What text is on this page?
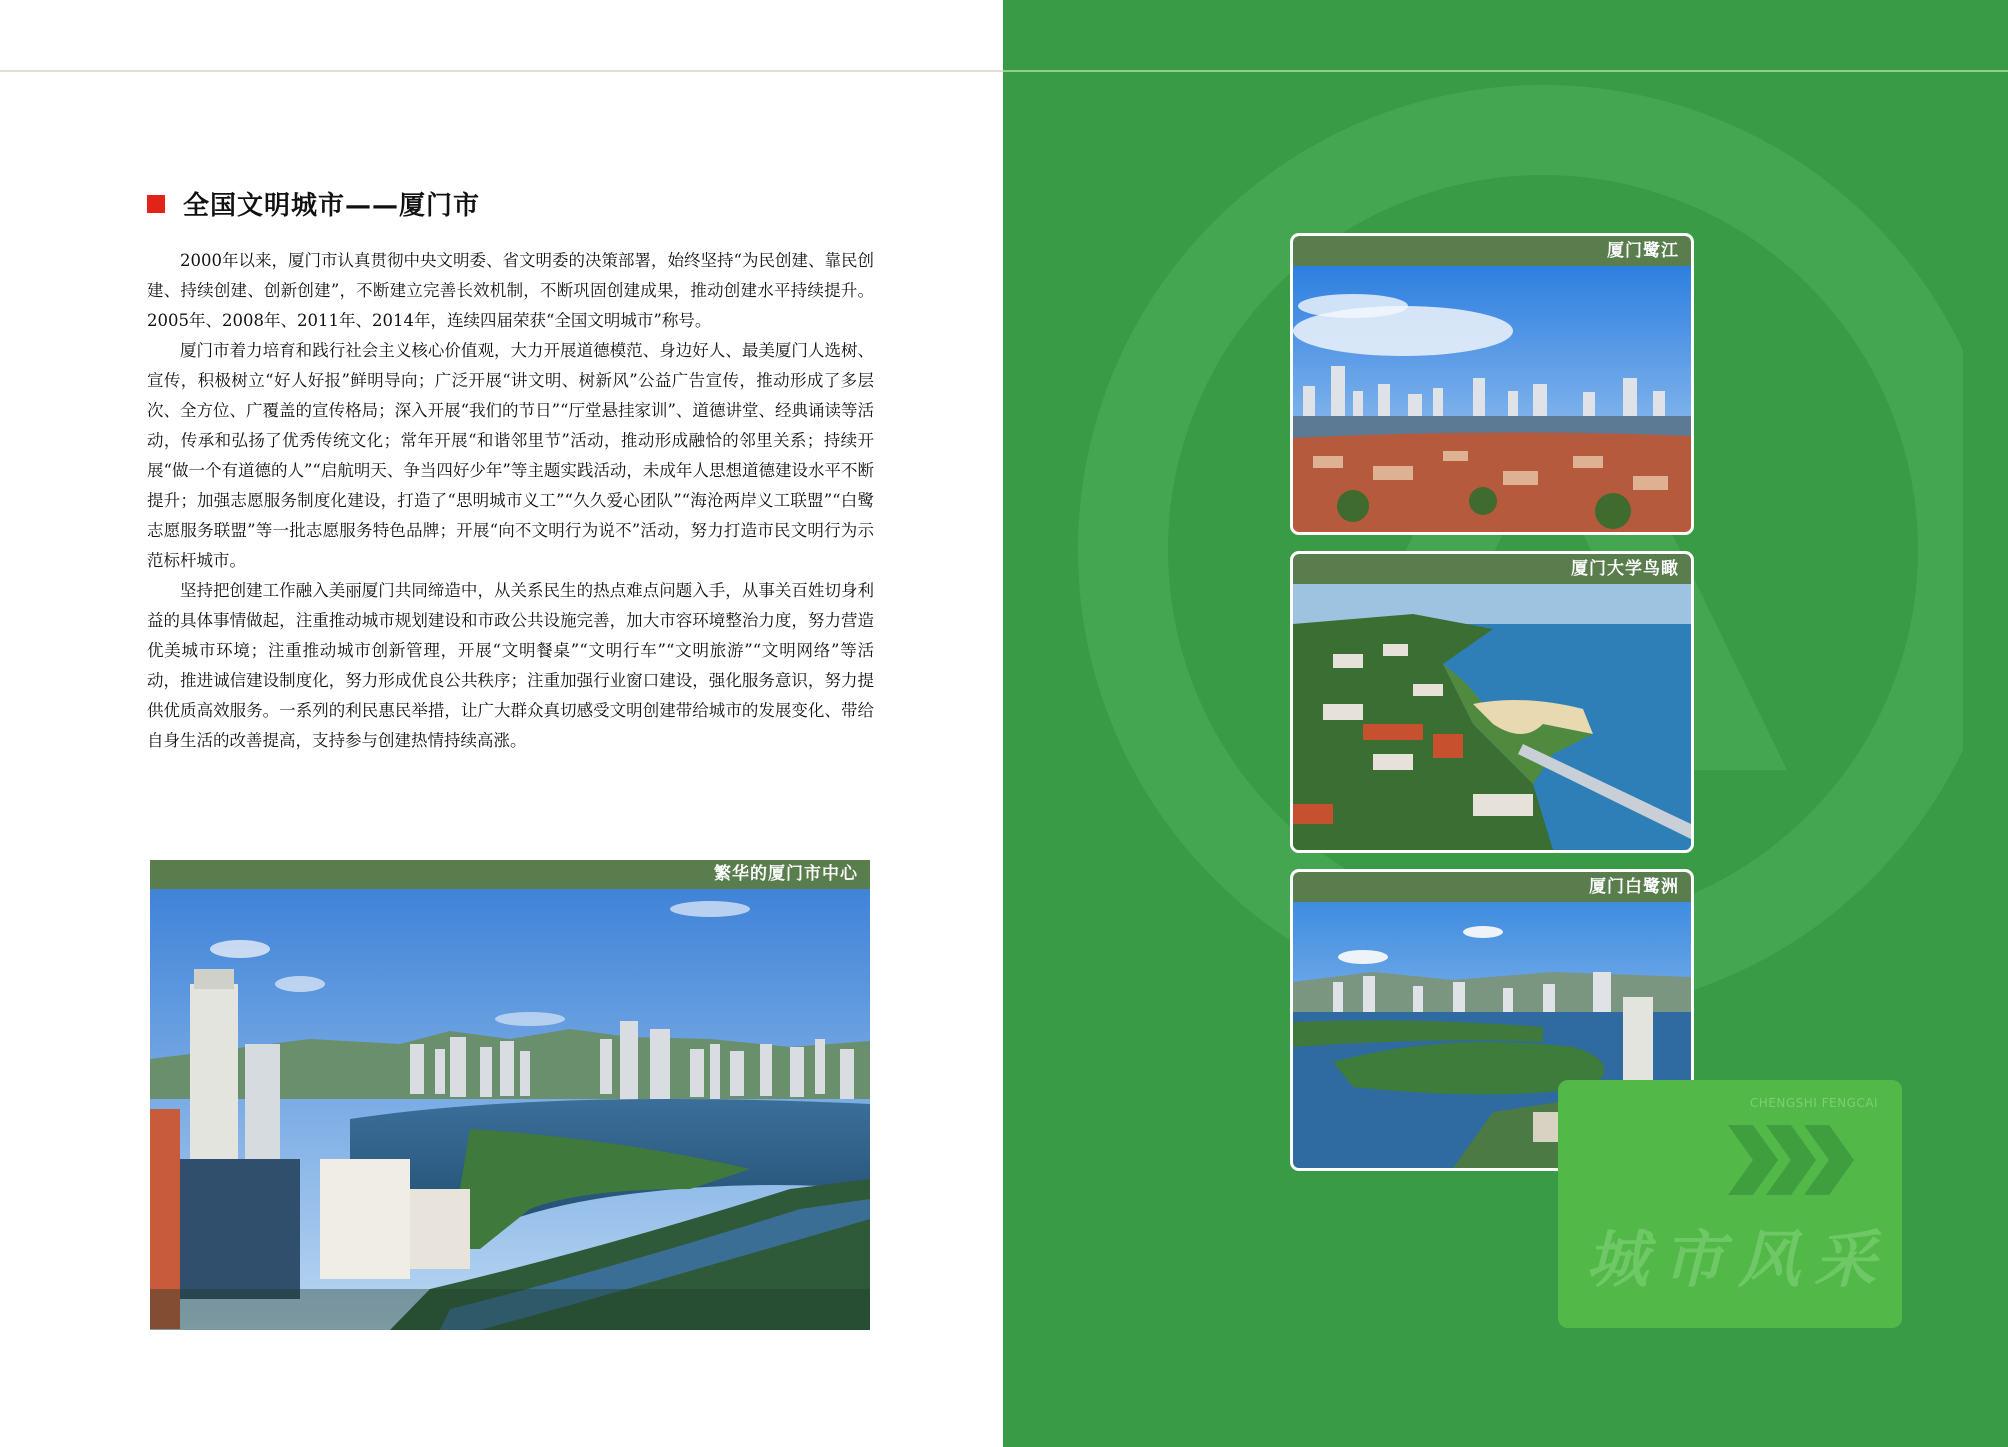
全国文明城市——厦门市

2000年以来，厦门市认真贯彻中央文明委、省文明委的决策部署，始终坚持“为民创建、靠民创建、持续创建、创新创建”，不断建立完善长效机制，不断巩固创建成果，推动创建水平持续提升。2005年、2008年、2011年、2014年，连续四届荣获“全国文明城市”称号。

厦门市着力培育和践行社会主义核心价值观，大力开展道德模范、身边好人、最美厦门人选树、宣传，积极树立“好人好报”鲜明导向；广泛开展“讲文明、树新风”公益广告宣传，推动形成了多层次、全方位、广覆盖的宣传格局；深入开展“我们的节日”“厅堂悬挂家训”、道德讲堂、经典诵读等活动，传承和弘扬了优秀传统文化；常年开展“和谐邻里节”活动，推动形成融恰的邻里关系；持续开展“做一个有道德的人”“启航明天、争当四好少年”等主题实践活动，未成年人思想道德建设水平不断提升；加强志愿服务制度化建设，打造了“思明城市义工”“久久爱心团队”“海沧两岸义工联盟”“白鹭志愿服务联盟”等一批志愿服务特色品牌；开展“向不文明行为说不”活动，努力打造市民文明行为示范标杆城市。

坚持把创建工作融入美丽厦门共同缔造中，从关系民生的热点难点问题入手，从事关百姓切身利益的具体事情做起，注重推动城市规划建设和市政公共设施完善，加大市容环境整治力度，努力营造优美城市环境；注重推动城市创新管理，开展“文明餐桌”“文明行车”“文明旅游”“文明网络”等活动，推进诚信建设制度化，努力形成优良公共秩序；注重加强行业窗口建设，强化服务意识，努力提供优质高效服务。一系列的利民惠民举措，让广大群众真切感受文明创建带给城市的发展变化、带给自身生活的改善提高，支持参与创建热情持续高涨。

繁华的厦门市中心
厦门鹭江
厦门大学鸟瞰
厦门白鹭洲
CHENGSHI FENGCAI
城市风采
